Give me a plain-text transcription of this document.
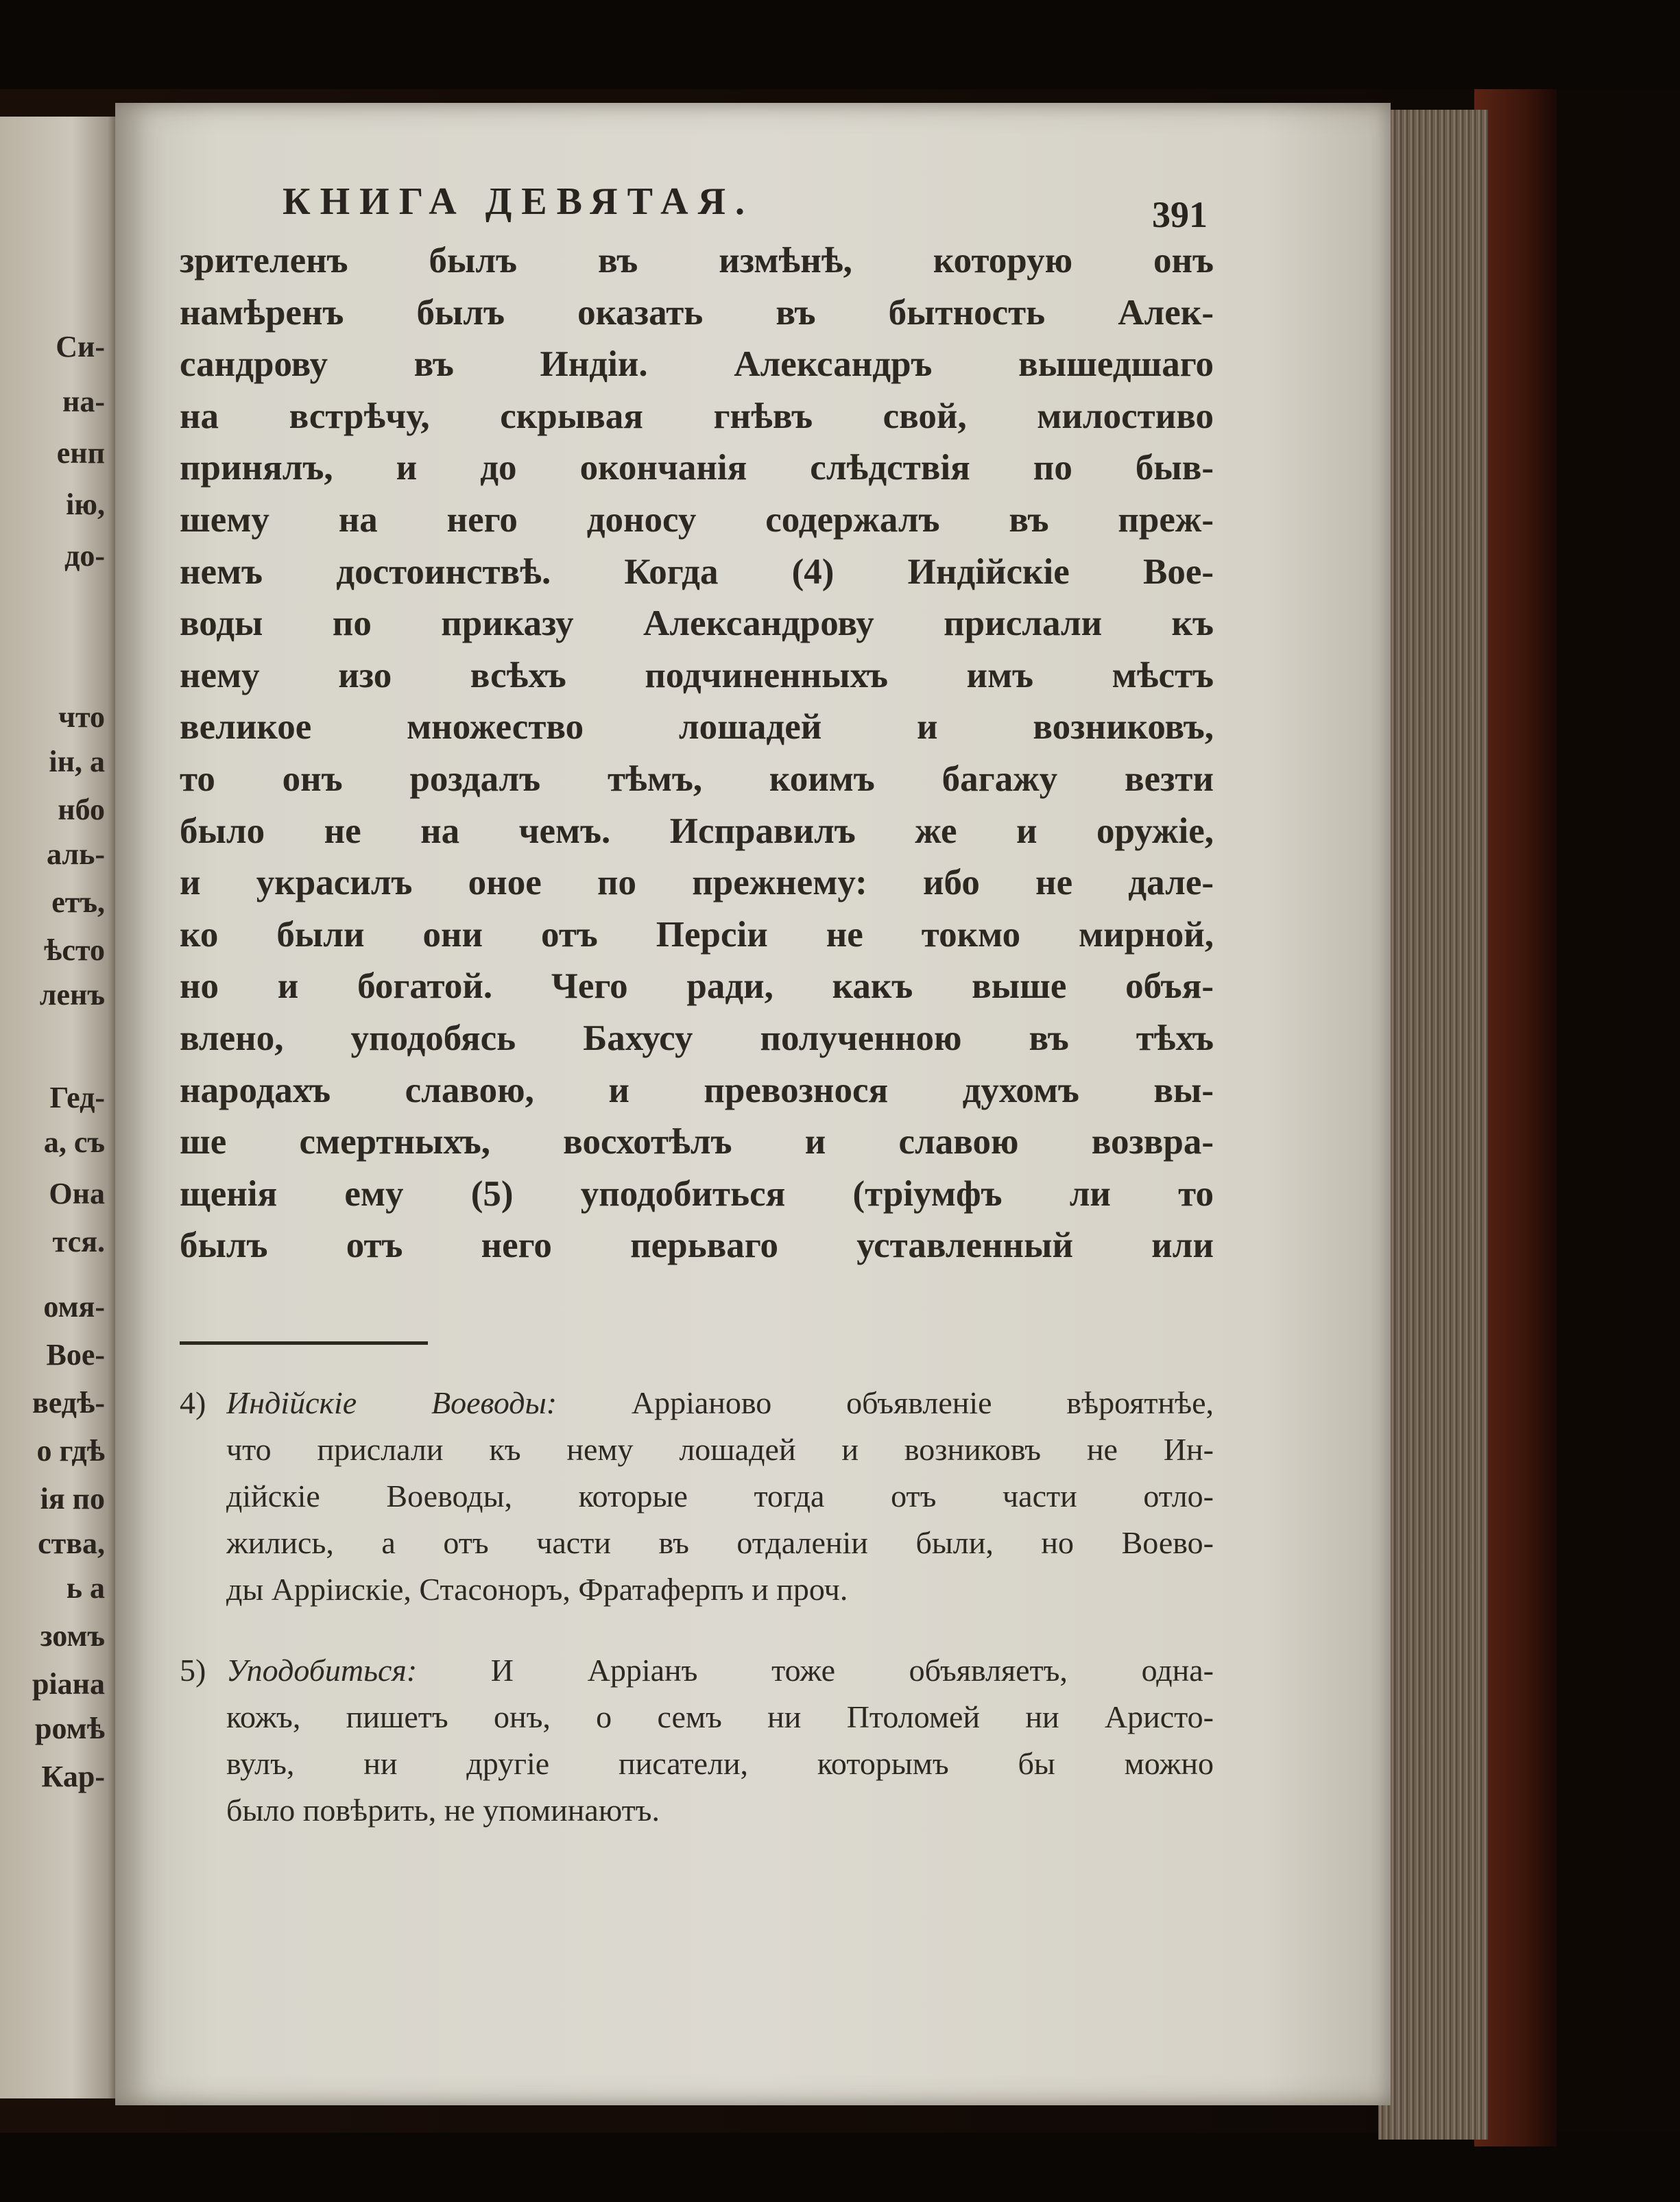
Си-
на-
енп
ію,
до-
что
ін, а
нбо
аль-
етъ,
ѣсто
ленъ
Гед-
а, съ
Она
тся.
омя-
Вое-
ведѣ-
о гдѣ
ія по
ства,
ь а
зомъ
ріана
ромѣ
Кар-
КНИГА ДЕВЯТАЯ.	391
зрителенъ былъ въ измѣнѣ, которую онъ
намѣренъ былъ оказать въ бытность Алек-
сандрову въ Индіи. Александръ вышедшаго
на встрѣчу, скрывая гнѣвъ свой, милостиво
принялъ, и до окончанія слѣдствія по быв-
шему на него доносу содержалъ въ преж-
немъ достоинствѣ. Когда (4) Индійскіе Вое-
воды по приказу Александрову прислали къ
нему изо всѣхъ подчиненныхъ имъ мѣстъ
великое множество лошадей и возниковъ,
то онъ роздалъ тѣмъ, коимъ багажу везти
было не на чемъ. Исправилъ же и оружіе,
и украсилъ оное по прежнему: ибо не дале-
ко были они отъ Персіи не токмо мирной,
но и богатой. Чего ради, какъ выше объя-
влено, уподобясь Бахусу полученною въ тѣхъ
народахъ славою, и превознося духомъ вы-
ше смертныхъ, восхотѣлъ и славою возвра-
щенія ему (5) уподобиться (тріумфъ ли то
былъ отъ него перьваго уставленный или
4) Индійскіе Воеводы: Арріаново объявленіе вѣроятнѣе,
что прислали къ нему лошадей и возниковъ не Ин-
дійскіе Воеводы, которые тогда отъ части отло-
жились, а отъ части въ отдаленіи были, но Воево-
ды Арріискіе, Стасоноръ, Фратаферпъ и проч.
5) Уподобиться: И Арріанъ тоже объявляетъ, одна-
кожъ, пишетъ онъ, о семъ ни Птоломей ни Аристо-
вулъ, ни другіе писатели, которымъ бы можно
было повѣрить, не упоминаютъ.
